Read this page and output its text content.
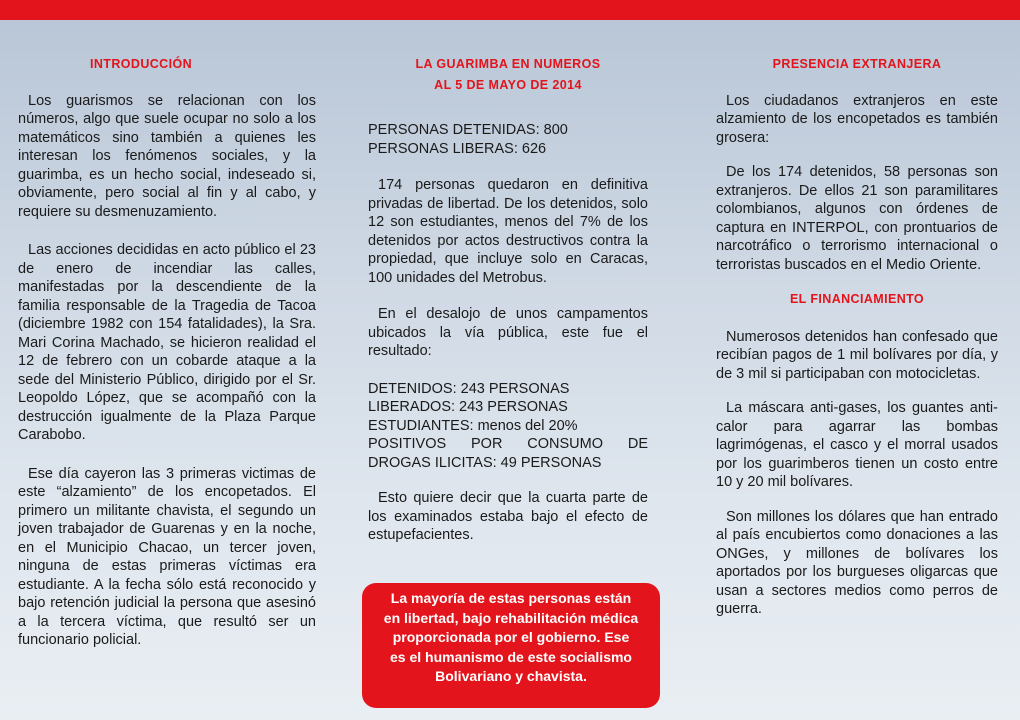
INTRODUCCIÓN

Los guarismos se relacionan con los números, algo que suele ocupar no solo a los matemáticos sino también a quienes les interesan los fenómenos sociales, y la guarimba, es un hecho social, indeseado si, obviamente, pero social al fin y al cabo, y requiere su desmenuzamiento.

Las acciones decididas en acto público el 23 de enero de incendiar las calles, manifestadas por la descendiente de la familia responsable de la Tragedia de Tacoa (diciembre 1982 con 154 fatalidades), la Sra. Mari Corina Machado, se hicieron realidad el 12 de febrero con un cobarde ataque a la sede del Ministerio Público, dirigido por el Sr. Leopoldo López, que se acompañó con la destrucción igualmente de la Plaza Parque Carabobo.

Ese día cayeron las 3 primeras victimas de este “alzamiento” de los encopetados. El primero un militante chavista, el segundo un joven trabajador de Guarenas y en la noche, en el Municipio Chacao, un tercer joven, ninguna de estas primeras víctimas era estudiante. A la fecha sólo está reconocido y bajo retención judicial la persona que asesinó a la tercera víctima, que resultó ser un funcionario policial.

LA GUARIMBA EN NUMEROS
AL 5 DE MAYO DE 2014
PERSONAS DETENIDAS: 800
PERSONAS LIBERAS: 626

174 personas quedaron en definitiva privadas de libertad. De los detenidos, solo 12 son estudiantes, menos del 7% de los detenidos por actos destructivos contra la propiedad, que incluye solo en Caracas, 100 unidades del Metrobus.

En el desalojo de unos campamentos ubicados la vía pública, este fue el resultado:

DETENIDOS: 243 PERSONAS
LIBERADOS: 243 PERSONAS
ESTUDIANTES: menos del 20%
POSITIVOS POR CONSUMO DE
DROGAS ILICITAS: 49 PERSONAS

Esto quiere decir que la cuarta parte de los examinados estaba bajo el efecto de estupefacientes.

La mayoría de estas personas están
en libertad, bajo rehabilitación médica
proporcionada por el gobierno. Ese
es el humanismo de este socialismo
Bolivariano y chavista.
PRESENCIA EXTRANJERA

Los ciudadanos extranjeros en este alzamiento de los encopetados es también grosera:

De los 174 detenidos, 58 personas son extranjeros. De ellos 21 son paramilitares colombianos, algunos con órdenes de captura en INTERPOL, con prontuarios de narcotráfico o terrorismo internacional o terroristas buscados en el Medio Oriente.

EL FINANCIAMIENTO

Numerosos detenidos han confesado que recibían pagos de 1 mil bolívares por día, y de 3 mil si participaban con motocicletas.

La máscara anti-gases, los guantes anti-calor para agarrar las bombas lagrimógenas, el casco y el morral usados por los guarimberos tienen un costo entre 10 y 20 mil bolívares.

Son millones los dólares que han entrado al país encubiertos como donaciones a las ONGes, y millones de bolívares los aportados por los burgueses oligarcas que usan a sectores medios como perros de guerra.
